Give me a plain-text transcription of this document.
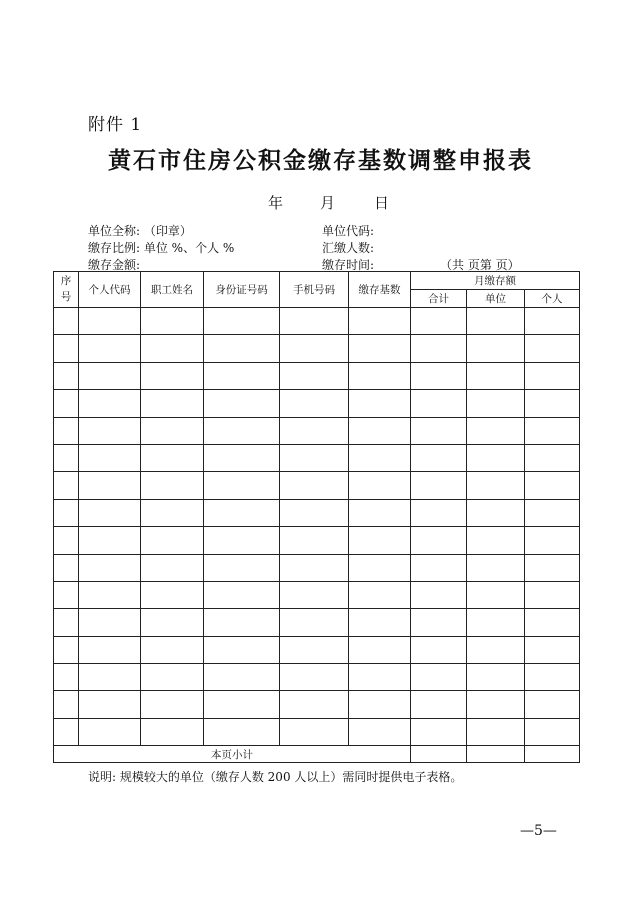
附件 1
黄石市住房公积金缴存基数调整申报表
年 月	日
单位全称: （印章）
缴存比例: 单位 %、个人 %
缴存金额:
单位代码:
汇缴人数:
缴存时间:	（共 页第 页）
序号	个人代码	职工姓名	身份证号码	手机号码	缴存基数	月缴存额		
						合计	单位	个人

本页小计								
说明: 规模较大的单位（缴存人数 200 人以上）需同时提供电子表格。
—5—
